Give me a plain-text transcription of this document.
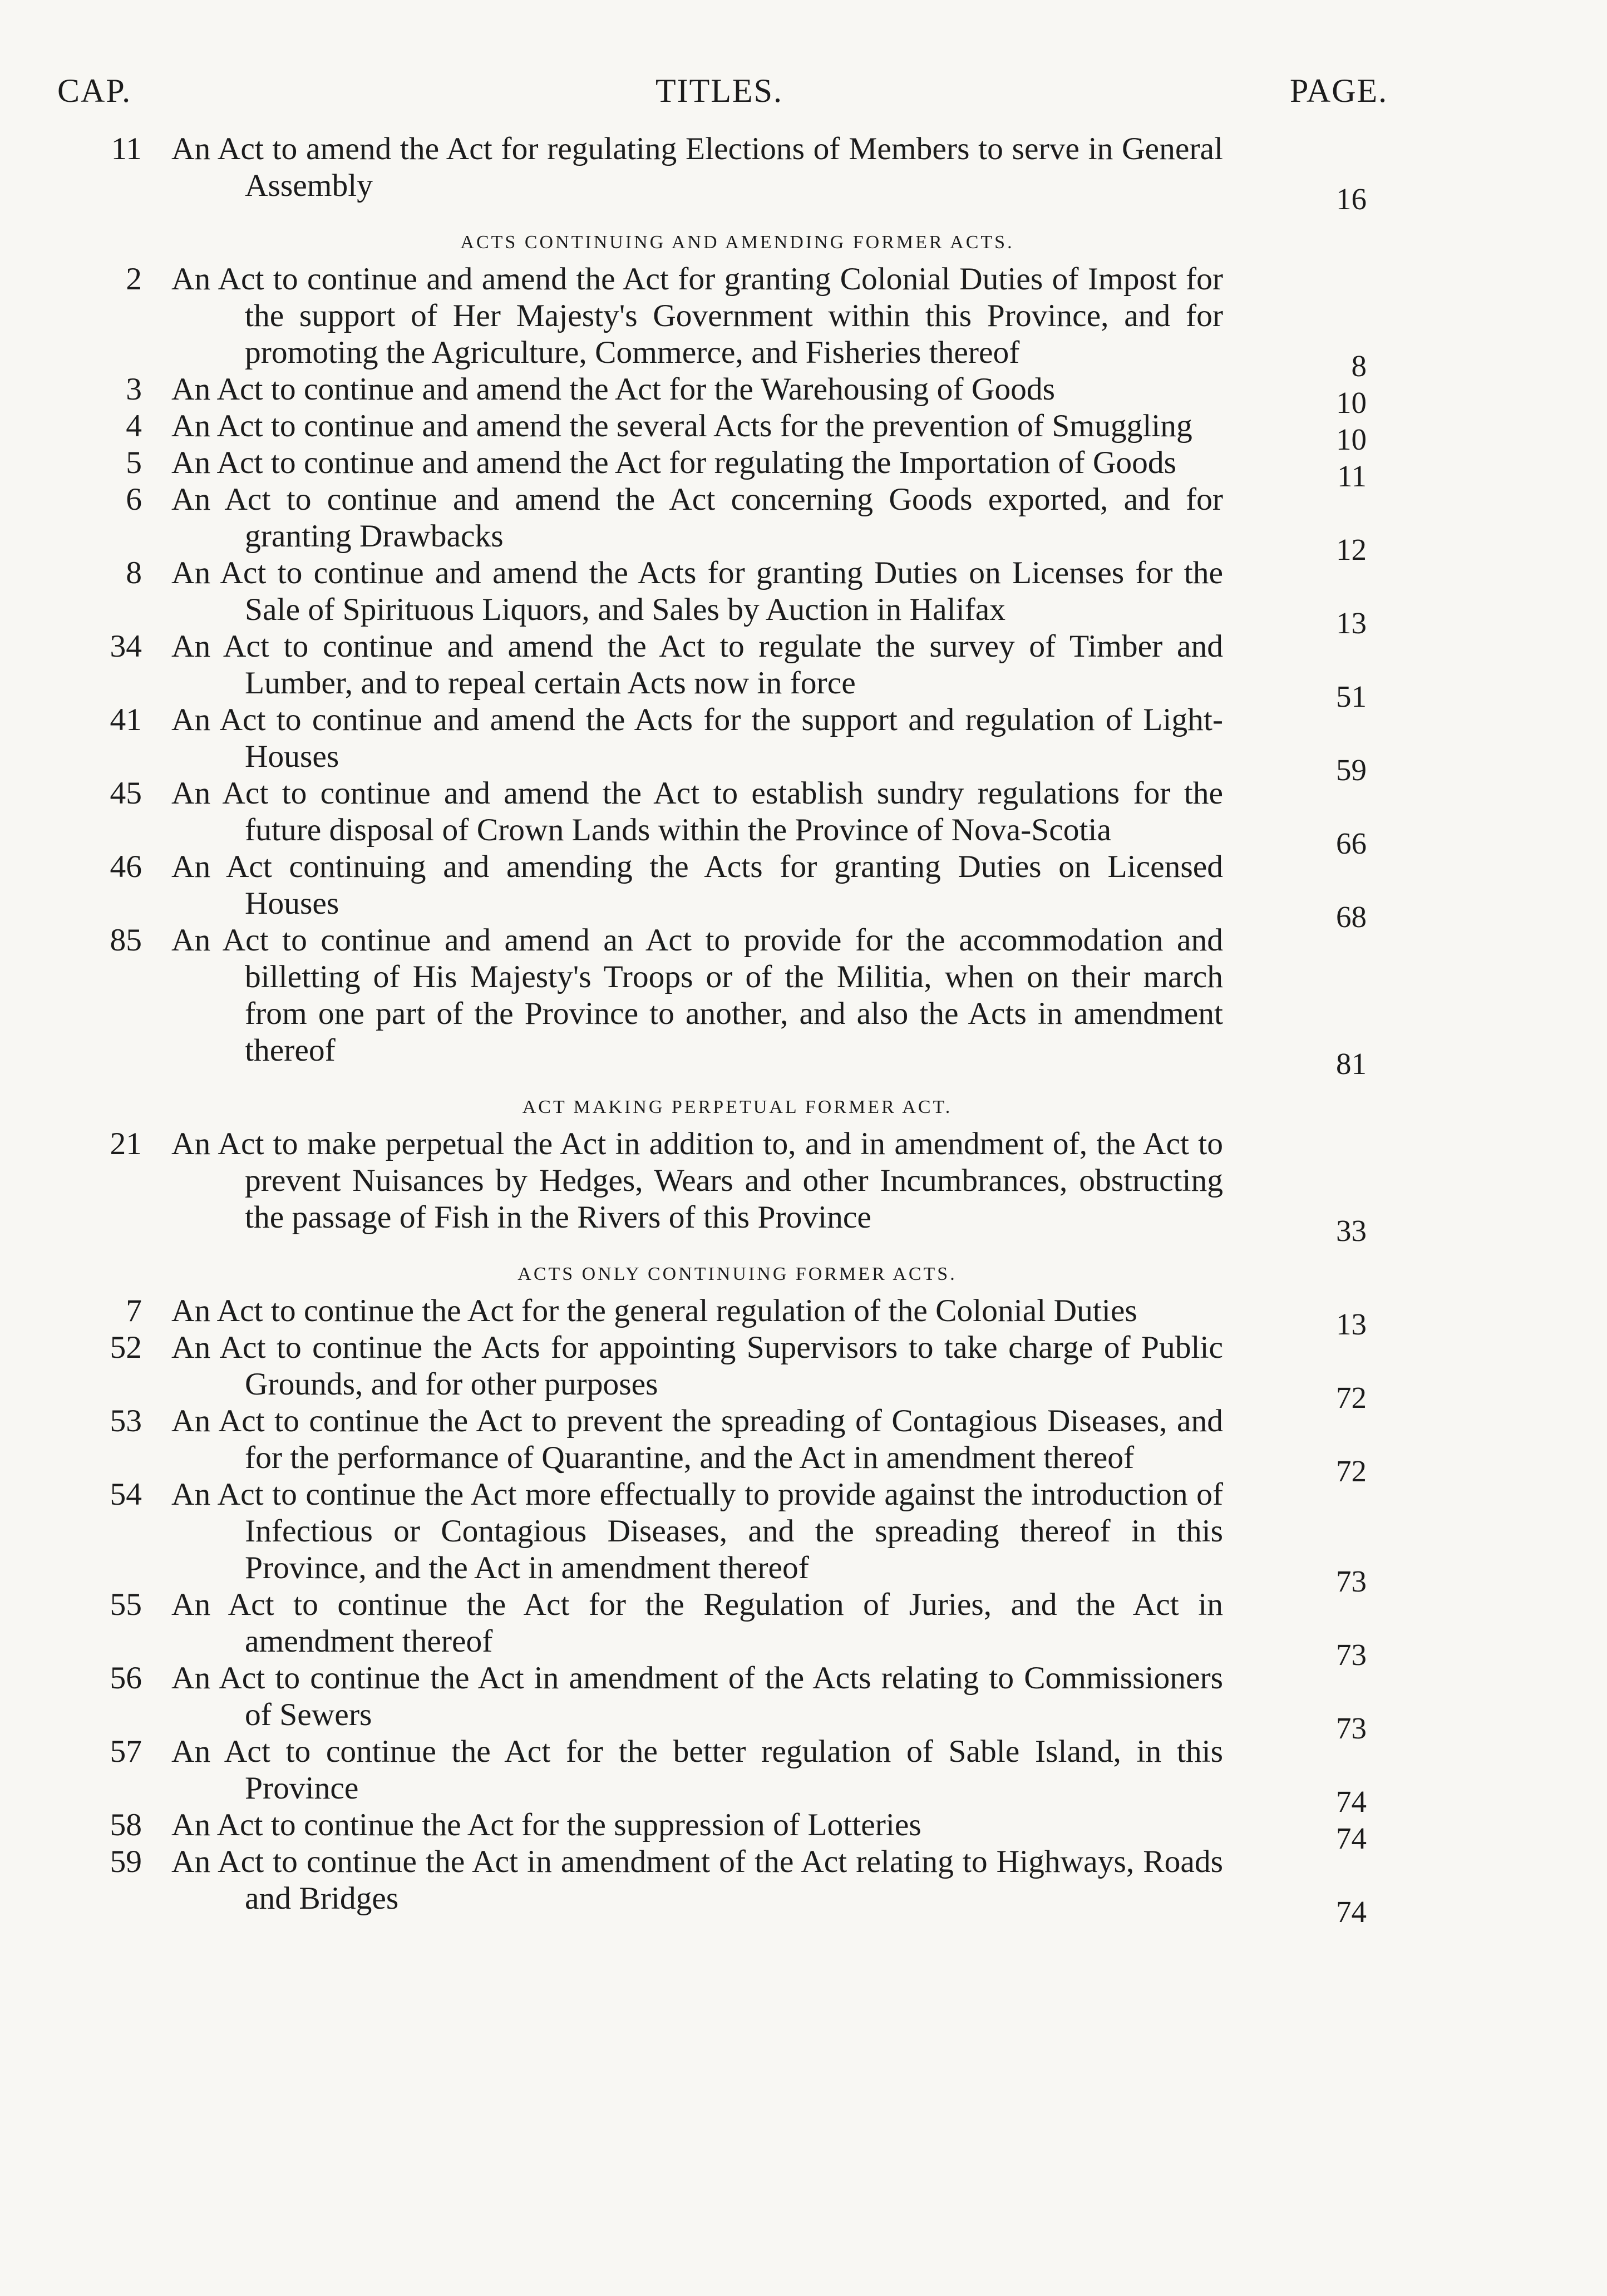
CAP.	TITLES.	PAGE.
11 An Act to amend the Act for regulating Elections of Members to serve in General Assembly	16
ACTS CONTINUING AND AMENDING FORMER ACTS.
2 An Act to continue and amend the Act for granting Colonial Duties of Impost for the support of Her Majesty's Government within this Province, and for promoting the Agriculture, Commerce, and Fisheries thereof	8
3 An Act to continue and amend the Act for the Warehousing of Goods	10
4 An Act to continue and amend the several Acts for the prevention of Smuggling	10
5 An Act to continue and amend the Act for regulating the Importation of Goods	11
6 An Act to continue and amend the Act concerning Goods exported, and for granting Drawbacks	12
8 An Act to continue and amend the Acts for granting Duties on Licenses for the Sale of Spirituous Liquors, and Sales by Auction in Halifax	13
34 An Act to continue and amend the Act to regulate the survey of Timber and Lumber, and to repeal certain Acts now in force	51
41 An Act to continue and amend the Acts for the support and regulation of Light-Houses	59
45 An Act to continue and amend the Act to establish sundry regulations for the future disposal of Crown Lands within the Province of Nova-Scotia	66
46 An Act continuing and amending the Acts for granting Duties on Licensed Houses	68
85 An Act to continue and amend an Act to provide for the accommodation and billetting of His Majesty's Troops or of the Militia, when on their march from one part of the Province to another, and also the Acts in amendment thereof	81
ACT MAKING PERPETUAL FORMER ACT.
21 An Act to make perpetual the Act in addition to, and in amendment of, the Act to prevent Nuisances by Hedges, Wears and other Incumbrances, obstructing the passage of Fish in the Rivers of this Province	33
ACTS ONLY CONTINUING FORMER ACTS.
7 An Act to continue the Act for the general regulation of the Colonial Duties	13
52 An Act to continue the Acts for appointing Supervisors to take charge of Public Grounds, and for other purposes	72
53 An Act to continue the Act to prevent the spreading of Contagious Diseases, and for the performance of Quarantine, and the Act in amendment thereof	72
54 An Act to continue the Act more effectually to provide against the introduction of Infectious or Contagious Diseases, and the spreading thereof in this Province, and the Act in amendment thereof	73
55 An Act to continue the Act for the Regulation of Juries, and the Act in amendment thereof	73
56 An Act to continue the Act in amendment of the Acts relating to Commissioners of Sewers	73
57 An Act to continue the Act for the better regulation of Sable Island, in this Province	74
58 An Act to continue the Act for the suppression of Lotteries	74
59 An Act to continue the Act in amendment of the Act relating to Highways, Roads and Bridges	74
